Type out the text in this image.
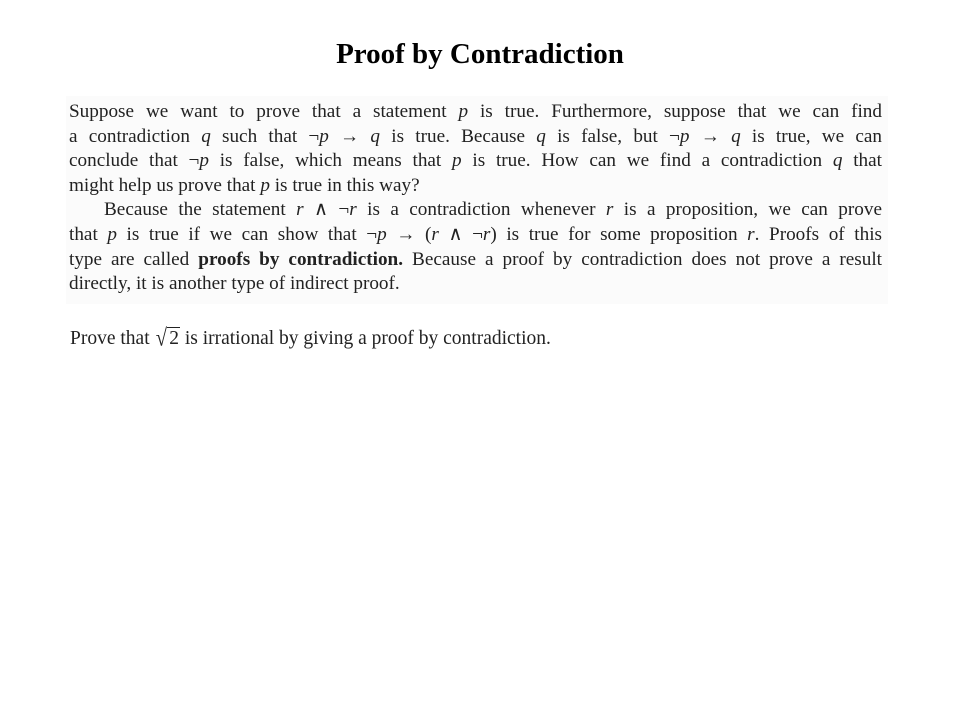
Proof by Contradiction
Suppose we want to prove that a statement p is true. Furthermore, suppose that we can find
a contradiction q such that ¬p → q is true. Because q is false, but ¬p → q is true, we can
conclude that ¬p is false, which means that p is true. How can we find a contradiction q that
might help us prove that p is true in this way?
Because the statement r ∧ ¬r is a contradiction whenever r is a proposition, we can prove
that p is true if we can show that ¬p → (r ∧ ¬r) is true for some proposition r. Proofs of this
type are called proofs by contradiction. Because a proof by contradiction does not prove a result
directly, it is another type of indirect proof.
Prove that √2 is irrational by giving a proof by contradiction.
